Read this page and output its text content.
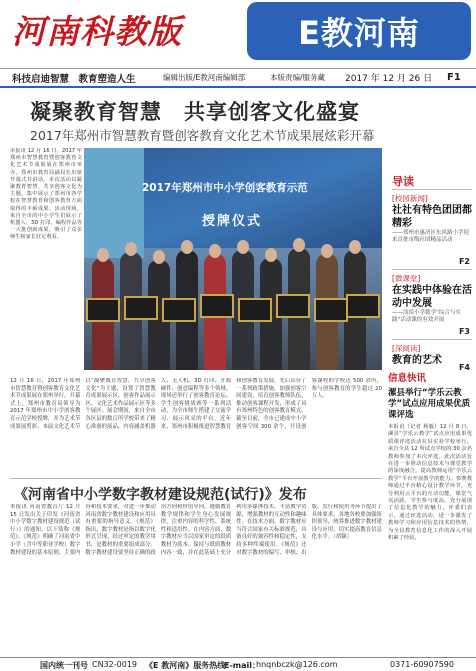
河南科教版	E教河南
科技启迪智慧　教育塑造人生	编辑出版/E教河南编辑部	本版责编/服务藏 2017 年 12 月 26 日 F1
凝聚教育智慧　共享创客文化盛宴
2017年郑州市智慧教育暨创客教育文化艺术节成果展炫彩开幕
本报讯 12 月 16 日，2017 年郑州市智慧教育暨创客教育文化艺术节成果展在郑州市举办。郑州市教育局副局长出席开幕式并讲话。本次活动以凝聚教育智慧、共享创客文化为主题，集中展示了郑州市各学校在智慧教育和创客教育方面取得的丰硕成果。活动现场，来自全市的中小学生们展示了机器人、3D 打印、编程作品等一大批创新成果，吸引了众多师生和家长驻足观看。
2017年郑州市中小学创客教育示范
授牌仪式
导读
[校园新闻]
社社有特色团团都精彩
——郑州市惠济区东风路小学迎来首批市级社团精品活动
F2
[微课堂]
在实践中体验在活动中发展
——浅谈小学数学“综合与实践”活动课的有效开展
F3
[深阅读]
教育的艺术
F4
信息快讯
漯县举行“学乐云教学”试点应用成果优质课评选
本报讯（记者 杨毅）12 月 8 日，漯县“学乐云教学”试点应用成果优质课评选活动在县实验学校举行。来自全县 12 所试点学校的 30 余名教师参加了本次评选。此次活动旨在进一步推动信息技术与课堂教学的深度融合，提高教师运用“学乐云教学”平台开展教学的能力。参赛教师通过平台精心设计教学环节，充分利用云平台的互动功能，课堂气氛活跃，学生参与度高，充分展现了信息化教学的魅力。评委们表示，通过评选活动，进一步激发了教师学习和应用信息技术的热情，为全县教育信息化工作的深入开展积累了经验。
12 月 16 日，2017 年郑州市智慧教育暨创客教育文化艺术节成果展在郑州举行。开幕式上，郑州市教育局领导为 2017 年郑州市中小学创客教育示范学校授牌，并为艺术节成果展剪彩。本届文化艺术节以“凝聚教育智慧，共享创客文化”为主题，设置了智慧教育成果展示区、创客作品展示区、文化艺术作品展示区等多个展区。展会期间，来自全市各区县的数百所学校带来了精心准备的展品，内容涵盖机器人、无人机、3D 打印、开源硬件、创意编程等多个领域。现场还举行了创客教育论坛、学生创客挑战赛等一系列活动，为全市师生搭建了交流学习、展示风采的平台。近年来，郑州市积极推进智慧教育和创客教育发展，先后出台了一系列政策措施，加强创客空间建设，培育创客教师队伍，推动创客课程开发，形成了具有郑州特色的创客教育模式。截至目前，全市已建成中小学创客空间 300 余个，开设创客课程的学校达 500 余所，参与创客教育的学生超过 20 万人。
《河南省中小学数字教材建设规范(试行)》发布
本报讯 河南省教育厅 12 月 15 日发出关于印发《河南省中小学数字教材建设规范（试行）》的通知，以下简称《规范》。《规范》明确了河南省中小学（含中等职业学校）数字教材建设的基本原则、主要内容和技术要求，对进一步推动河南省数字教材建设和应用具有重要的指导意义。《规范》指出，数字教材是指以数字化形式呈现、经过审定的教学用书，是教材的重要组成部分。数字教材建设要坚持正确的政治方向和价值导向，遵循教育教学规律和学生身心发展规律，注重内容的科学性、系统性和适用性。在内容方面，数字教材应当以国家审定的纸质教材为蓝本，保持与纸质教材内容一致，并在此基础上充分利用多媒体技术，丰富教学资源，增强教材的互动性和趣味性。在技术方面，数字教材应当符合国家有关标准规范，具备良好的兼容性和稳定性，支持多种终端使用。《规范》还对数字教材的编写、审核、出版、发行和使用等环节提出了具体要求。各地各校要加强组织领导，统筹推进数字教材建设与应用，切实提高教育信息化水平。（胡颖）
国内统一刊号 CN32-0019 《E 教河南》服务热线：
E-mail：
hnqnbczk@126.com	0371-60907590
